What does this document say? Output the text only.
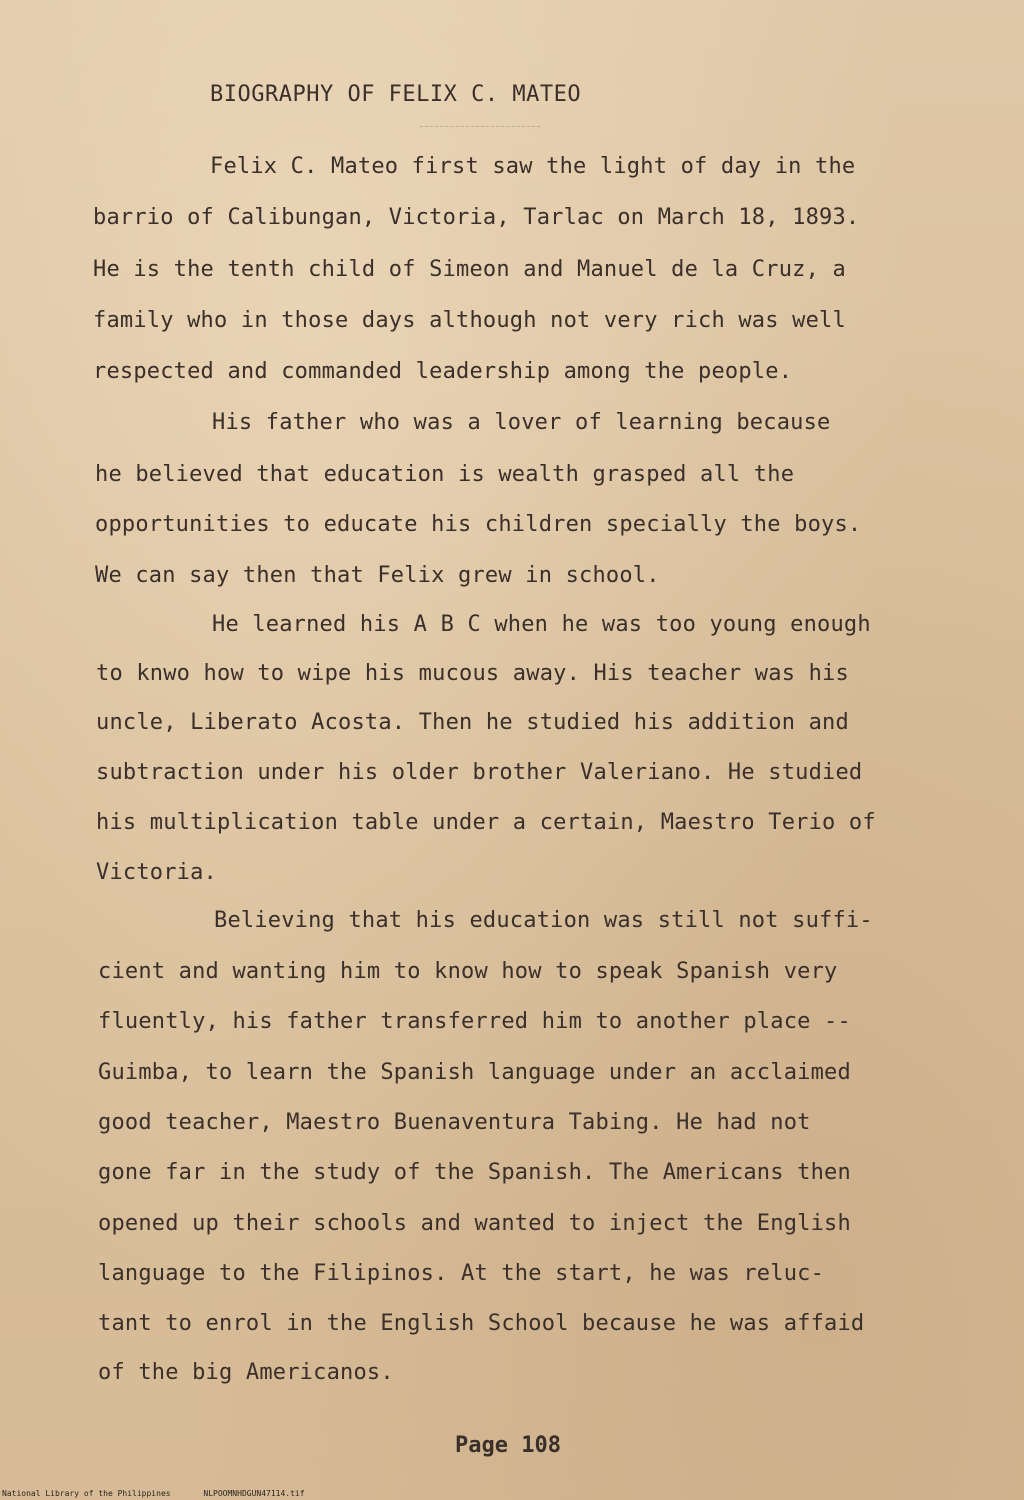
BIOGRAPHY OF FELIX C. MATEO
Felix C. Mateo first saw the light of day in the
barrio of Calibungan, Victoria, Tarlac on March 18, 1893.
He is the tenth child of Simeon and Manuel de la Cruz, a
family who in those days although not very rich was well
respected and commanded leadership among the people.
His father who was a lover of learning because
he believed that education is wealth grasped all the
opportunities to educate his children specially the boys.
We can say then that Felix grew in school.
He learned his A B C when he was too young enough
to knwo how to wipe his mucous away. His teacher was his
uncle, Liberato Acosta. Then he studied his addition and
subtraction under his older brother Valeriano. He studied
his multiplication table under a certain, Maestro Terio of
Victoria.
Believing that his education was still not suffi-
cient and wanting him to know how to speak Spanish very
fluently, his father transferred him to another place --
Guimba, to learn the Spanish language under an acclaimed
good teacher, Maestro Buenaventura Tabing. He had not
gone far in the study of the Spanish. The Americans then
opened up their schools and wanted to inject the English
language to the Filipinos. At the start, he was reluc-
tant to enrol in the English School because he was affaid
of the big Americanos.
Page 108
National Library of the Philippines	NLPOOMNHDGUN47114.tif
